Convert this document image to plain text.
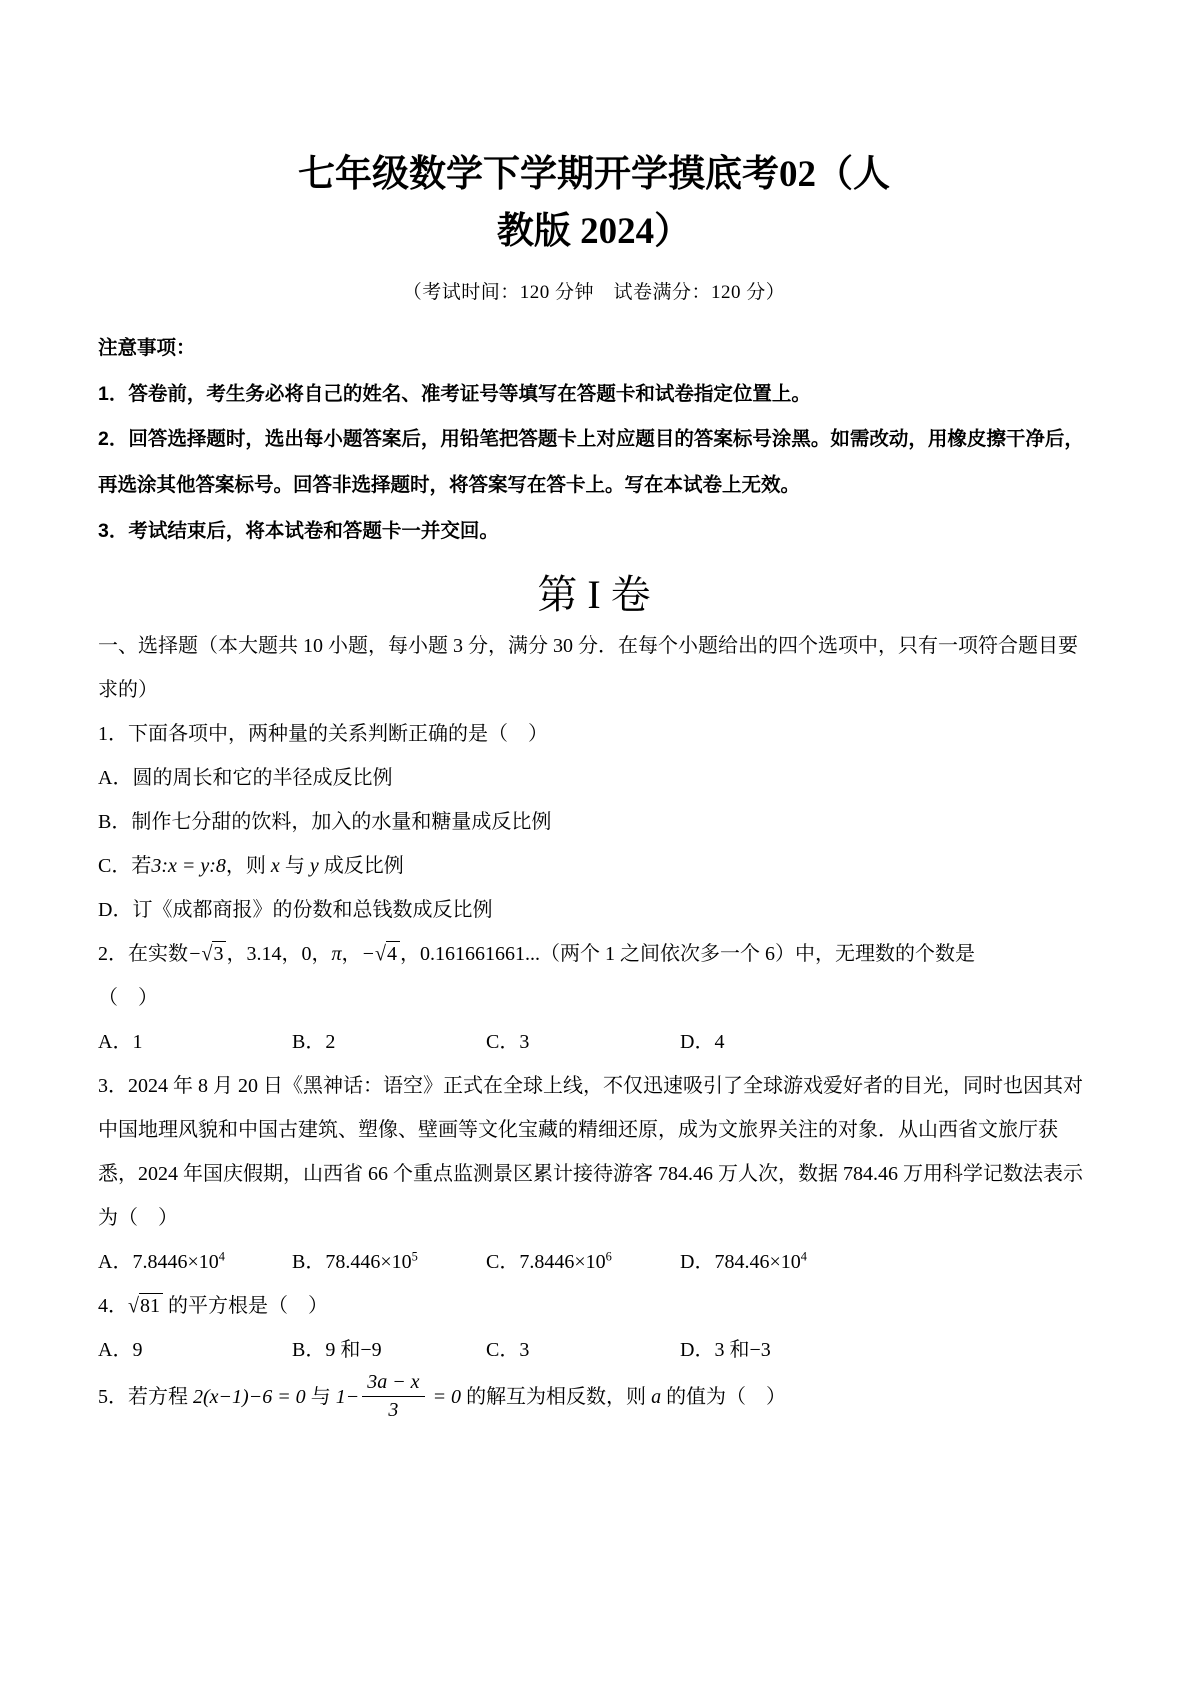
七年级数学下学期开学摸底考02（人
教版 2024）
（考试时间：120 分钟　试卷满分：120 分）

注意事项：

1．答卷前，考生务必将自己的姓名、准考证号等填写在答题卡和试卷指定位置上。

2．回答选择题时，选出每小题答案后，用铅笔把答题卡上对应题目的答案标号涂黑。如需改动，用橡皮擦干净后，再选涂其他答案标号。回答非选择题时，将答案写在答卡上。写在本试卷上无效。

3．考试结束后，将本试卷和答题卡一并交回。

第 I 卷

一、选择题（本大题共 10 小题，每小题 3 分，满分 30 分．在每个小题给出的四个选项中，只有一项符合题目要求的）

1．下面各项中，两种量的关系判断正确的是（　）

A．圆的周长和它的半径成反比例

B．制作七分甜的饮料，加入的水量和糖量成反比例

C．若3:x = y:8，则 x 与 y 成反比例

D．订《成都商报》的份数和总钱数成反比例

2．在实数−√3 ，3.14，0，π，−√4 ，0.161661661...（两个 1 之间依次多一个 6）中，无理数的个数是

（　）

A．1	B．2	C．3	D．4

3．2024 年 8 月 20 日《黑神话：语空》正式在全球上线，不仅迅速吸引了全球游戏爱好者的目光，同时也因其对中国地理风貌和中国古建筑、塑像、壁画等文化宝藏的精细还原，成为文旅界关注的对象．从山西省文旅厅获悉，2024 年国庆假期，山西省 66 个重点监测景区累计接待游客 784.46 万人次，数据 784.46 万用科学记数法表示为（　）

A．$7.8446\times 10^4$	B．$78.446\times 10^5$	C．$7.8446\times 10^6$	D．$784.46\times 10^4$

4．√81 的平方根是（　）

A．9	B．9 和−9	C．3	D．3 和−3

5．若方程 2(x−1)−6 = 0 与 $1- \frac{3a - x}{3} = 0$ 的解互为相反数，则 a 的值为（　）
